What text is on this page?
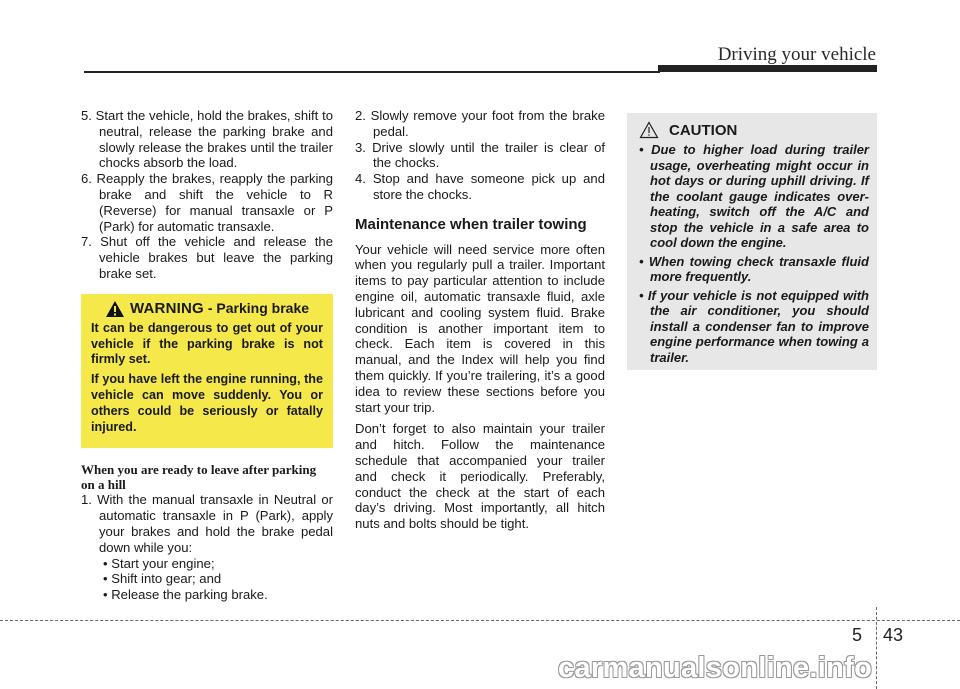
Driving your vehicle

5. Start the vehicle, hold the brakes, shift to neutral, release the parking brake and slowly release the brakes until the trailer chocks absorb the load.

6. Reapply the brakes, reapply the parking brake and shift the vehicle to R (Reverse) for manual transaxle or P (Park) for automatic transaxle.

7. Shut off the vehicle and release the vehicle brakes but leave the parking brake set.

WARNING - Parking brake

It can be dangerous to get out of your vehicle if the parking brake is not firmly set.

If you have left the engine running, the vehicle can move suddenly. You or others could be seriously or fatally injured.

When you are ready to leave after parking on a hill

1. With the manual transaxle in Neutral or automatic transaxle in P (Park), apply your brakes and hold the brake pedal down while you:

• Start your engine;

• Shift into gear; and

• Release the parking brake.

2. Slowly remove your foot from the brake pedal.

3. Drive slowly until the trailer is clear of the chocks.

4. Stop and have someone pick up and store the chocks.

Maintenance when trailer towing

Your vehicle will need service more often when you regularly pull a trailer. Important items to pay particular attention to include engine oil, automatic transaxle fluid, axle lubricant and cooling system fluid. Brake condition is another important item to check. Each item is covered in this manual, and the Index will help you find them quickly. If you’re trailering, it’s a good idea to review these sections before you start your trip.

Don’t forget to also maintain your trailer and hitch. Follow the maintenance schedule that accompanied your trailer and check it periodically. Preferably, conduct the check at the start of each day’s driving. Most importantly, all hitch nuts and bolts should be tight.

CAUTION

• Due to higher load during trailer usage, overheating might occur in hot days or during uphill driving. If the coolant gauge indicates over-heating, switch off the A/C and stop the vehicle in a safe area to cool down the engine.

• When towing check transaxle fluid more frequently.

• If your vehicle is not equipped with the air conditioner, you should install a condenser fan to improve engine performance when towing a trailer.

5 43
carmanualsonline.info
